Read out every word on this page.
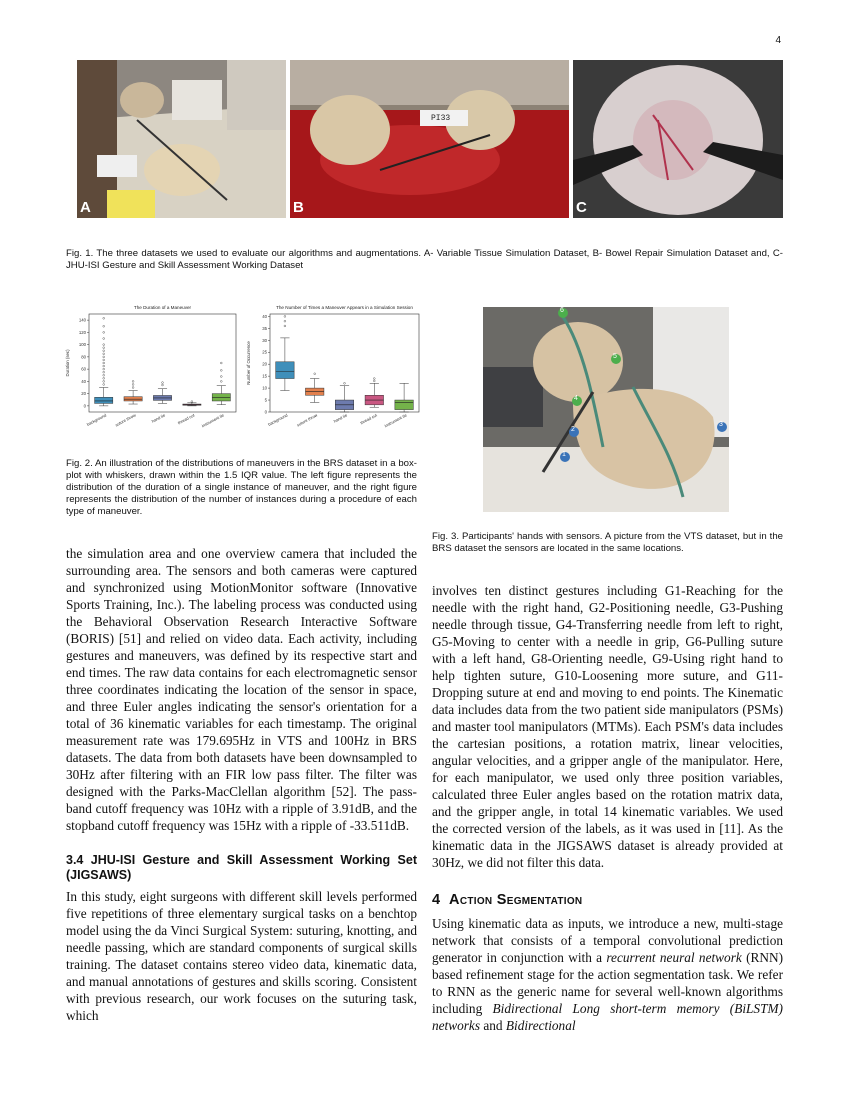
4
A
PI33
B	C
Fig. 1. The three datasets we used to evaluate our algorithms and augmentations. A- Variable Tissue Simulation Dataset, B- Bowel Repair Simulation Dataset and, C- JHU-ISI Gesture and Skill Assessment Working Dataset
The Duration of a Maneuver
0
20
40
60
80
100
120
140
Duration (sec)
background suture throw	hand tie	thread cut instrument tie
The Number of Times a Maneuver Appears in a Simulation Session
0
5
10
15
20
25
30
35
40
Number of Occurrence
background suture throw	hand tie	thread cut instrument tie
Fig. 2. An illustration of the distributions of maneuvers in the BRS dataset in a box-plot with whiskers, drawn within the 1.5 IQR value. The left figure represents the distribution of the duration of a single instance of maneuver, and the right figure represents the distribution of the number of instances during a procedure of each type of maneuver.
6
5
4
2
1
3
Fig. 3. Participants' hands with sensors. A picture from the VTS dataset, but in the BRS dataset the sensors are located in the same locations.

the simulation area and one overview camera that included the surrounding area. The sensors and both cameras were captured and synchronized using MotionMonitor software (Innovative Sports Training, Inc.). The labeling process was conducted using the Behavioral Observation Research Interactive Software (BORIS) [51] and relied on video data. Each activity, including gestures and maneuvers, was defined by its respective start and end times. The raw data contains for each electromagnetic sensor three coordinates indicating the location of the sensor in space, and three Euler angles indicating the sensor's orientation for a total of 36 kinematic variables for each timestamp. The original measurement rate was 179.695Hz in VTS and 100Hz in BRS datasets. The data from both datasets have been downsampled to 30Hz after filtering with an FIR low pass filter. The filter was designed with the Parks-MacClellan algorithm [52]. The pass-band cutoff frequency was 10Hz with a ripple of 3.91dB, and the stopband cutoff frequency was 15Hz with a ripple of -33.511dB.

3.4 JHU-ISI Gesture and Skill Assessment Working Set (JIGSAWS)

In this study, eight surgeons with different skill levels performed five repetitions of three elementary surgical tasks on a benchtop model using the da Vinci Surgical System: suturing, knotting, and needle passing, which are standard components of surgical skills training. The dataset contains stereo video data, kinematic data, and manual annotations of gestures and skills scoring. Consistent with previous research, our work focuses on the suturing task, which

involves ten distinct gestures including G1-Reaching for the needle with the right hand, G2-Positioning needle, G3-Pushing needle through tissue, G4-Transferring needle from left to right, G5-Moving to center with a needle in grip, G6-Pulling suture with a left hand, G8-Orienting needle, G9-Using right hand to help tighten suture, G10-Loosening more suture, and G11-Dropping suture at end and moving to end points. The Kinematic data includes data from the two patient side manipulators (PSMs) and master tool manipulators (MTMs). Each PSM's data includes the cartesian positions, a rotation matrix, linear velocities, angular velocities, and a gripper angle of the manipulator. Here, for each manipulator, we used only three position variables, calculated three Euler angles based on the rotation matrix data, and the gripper angle, in total 14 kinematic variables. We used the corrected version of the labels, as it was used in [11]. As the kinematic data in the JIGSAWS dataset is already provided at 30Hz, we did not filter this data.

4 Action Segmentation

Using kinematic data as inputs, we introduce a new, multi-stage network that consists of a temporal convolutional prediction generator in conjunction with a recurrent neural network (RNN) based refinement stage for the action segmentation task. We refer to RNN as the generic name for several well-known algorithms including Bidirectional Long short-term memory (BiLSTM) networks and Bidirectional
